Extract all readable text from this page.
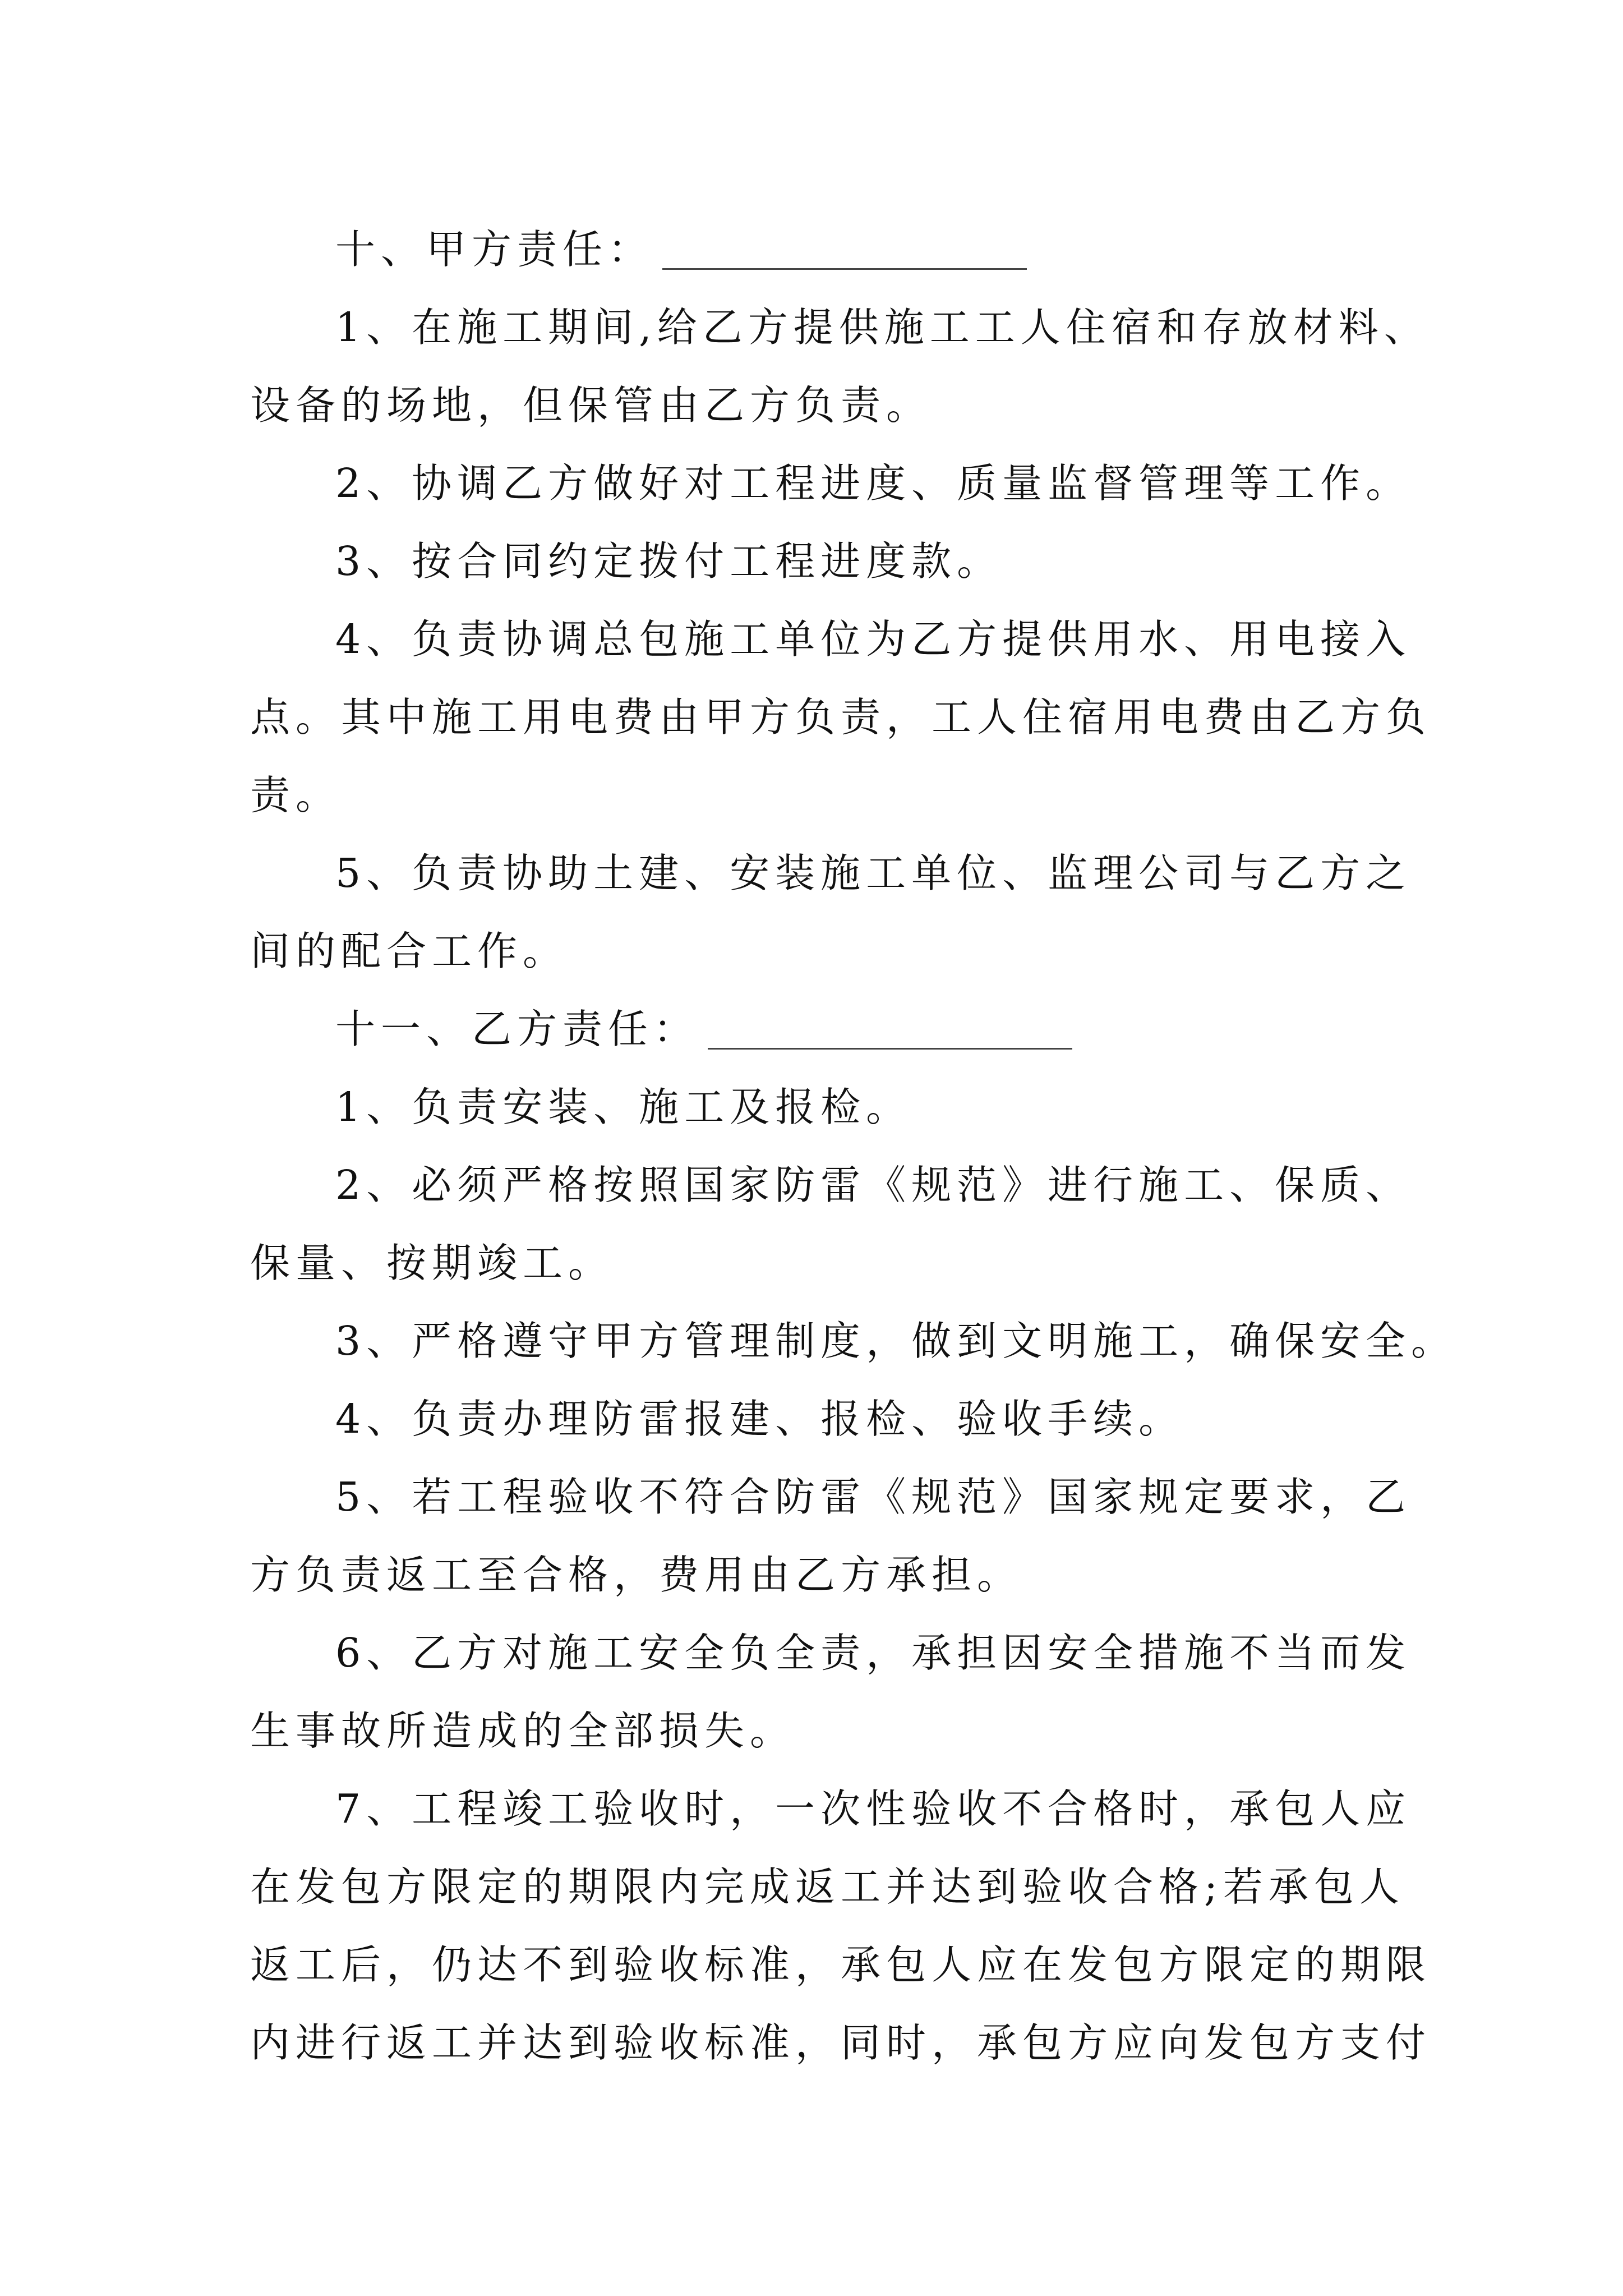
十、甲方责任：
1、在施工期间,给乙方提供施工工人住宿和存放材料、
设备的场地，但保管由乙方负责。
2、协调乙方做好对工程进度、质量监督管理等工作。
3、按合同约定拨付工程进度款。
4、负责协调总包施工单位为乙方提供用水、用电接入
点。其中施工用电费由甲方负责，工人住宿用电费由乙方负
责。
5、负责协助土建、安装施工单位、监理公司与乙方之
间的配合工作。
十一、乙方责任：
1、负责安装、施工及报检。
2、必须严格按照国家防雷《规范》进行施工、保质、
保量、按期竣工。
3、严格遵守甲方管理制度，做到文明施工，确保安全。
4、负责办理防雷报建、报检、验收手续。
5、若工程验收不符合防雷《规范》国家规定要求，乙
方负责返工至合格，费用由乙方承担。
6、乙方对施工安全负全责，承担因安全措施不当而发
生事故所造成的全部损失。
7、工程竣工验收时，一次性验收不合格时，承包人应
在发包方限定的期限内完成返工并达到验收合格;若承包人
返工后，仍达不到验收标准，承包人应在发包方限定的期限
内进行返工并达到验收标准，同时，承包方应向发包方支付
